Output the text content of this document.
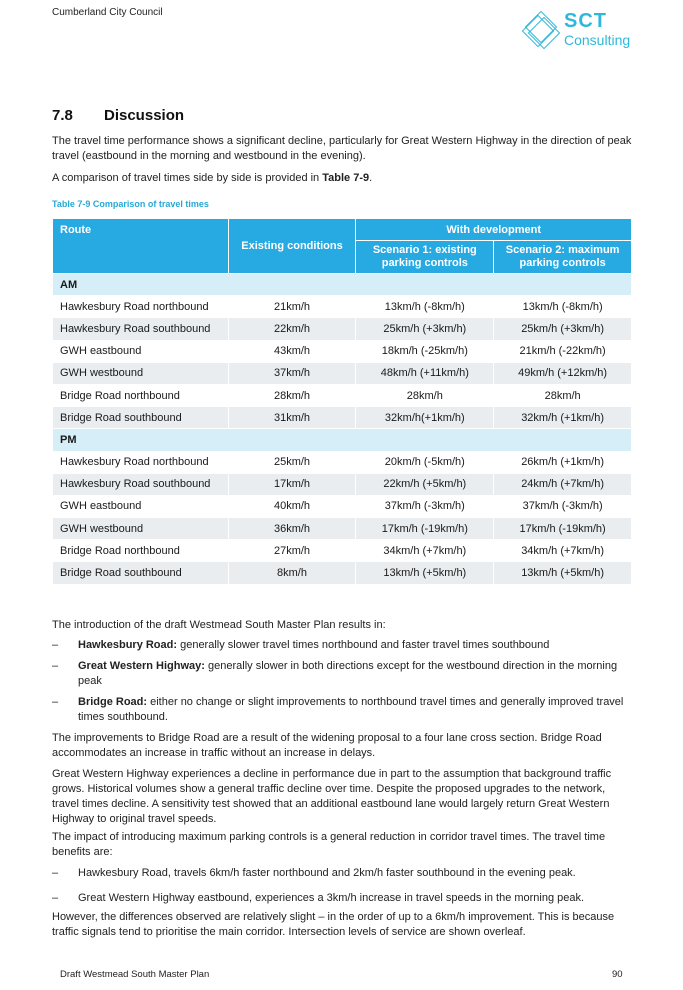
Cumberland City Council	SCT
Consulting
7.8 Discussion
The travel time performance shows a significant decline, particularly for Great Western Highway in the direction of peak travel (eastbound in the morning and westbound in the evening).
A comparison of travel times side by side is provided in Table 7-9.
Table 7-9 Comparison of travel times
Route	Existing conditions	With development	
		Scenario 1: existing parking controls	Scenario 2: maximum parking controls
AM			
Hawkesbury Road northbound	21km/h	13km/h (-8km/h)	13km/h (-8km/h)
Hawkesbury Road southbound	22km/h	25km/h (+3km/h)	25km/h (+3km/h)
GWH eastbound	43km/h	18km/h (-25km/h)	21km/h (-22km/h)
GWH westbound	37km/h	48km/h (+11km/h)	49km/h (+12km/h)
Bridge Road northbound	28km/h	28km/h	28km/h
Bridge Road southbound	31km/h	32km/h(+1km/h)	32km/h (+1km/h)
PM			
Hawkesbury Road northbound	25km/h	20km/h (-5km/h)	26km/h (+1km/h)
Hawkesbury Road southbound	17km/h	22km/h (+5km/h)	24km/h (+7km/h)
GWH eastbound	40km/h	37km/h (-3km/h)	37km/h (-3km/h)
GWH westbound	36km/h	17km/h (-19km/h)	17km/h (-19km/h)
Bridge Road northbound	27km/h	34km/h (+7km/h)	34km/h (+7km/h)
Bridge Road southbound	8km/h	13km/h (+5km/h)	13km/h (+5km/h)
The introduction of the draft Westmead South Master Plan results in:
– Hawkesbury Road: generally slower travel times northbound and faster travel times southbound
– Great Western Highway: generally slower in both directions except for the westbound direction in the morning peak
– Bridge Road: either no change or slight improvements to northbound travel times and generally improved travel times southbound.
The improvements to Bridge Road are a result of the widening proposal to a four lane cross section. Bridge Road accommodates an increase in traffic without an increase in delays.
Great Western Highway experiences a decline in performance due in part to the assumption that background traffic grows. Historical volumes show a general traffic decline over time. Despite the proposed upgrades to the network, travel times decline. A sensitivity test showed that an additional eastbound lane would largely return Great Western Highway to original travel speeds.
The impact of introducing maximum parking controls is a general reduction in corridor travel times. The travel time benefits are:
– Hawkesbury Road, travels 6km/h faster northbound and 2km/h faster southbound in the evening peak.
– Great Western Highway eastbound, experiences a 3km/h increase in travel speeds in the morning peak.
However, the differences observed are relatively slight – in the order of up to a 6km/h improvement. This is because traffic signals tend to prioritise the main corridor. Intersection levels of service are shown overleaf.
Draft Westmead South Master Plan	90
